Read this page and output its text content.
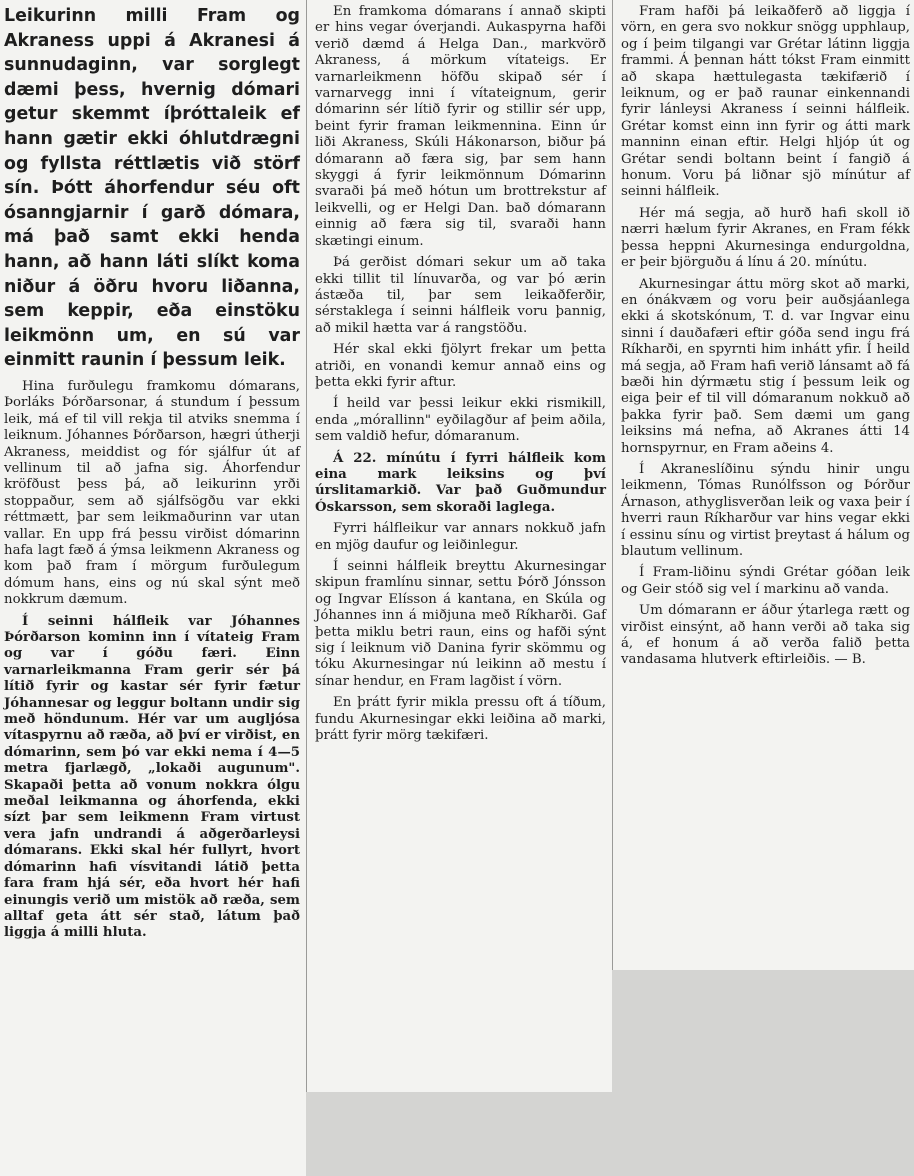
Leikurinn milli Fram og Akraness uppi á Akranesi á sunnudaginn, var sorglegt dæmi þess, hvernig dómari getur skemmt íþróttaleik ef hann gætir ekki óhlutdrægni og fyllsta réttlætis við störf sín. Þótt áhorfendur séu oft ósanngjarnir í garð dómara, má það samt ekki henda hann, að hann láti slíkt koma niður á öðru hvoru liðanna, sem keppir, eða einstöku leikmönn um, en sú var einmitt raunin í þessum leik.

Hina furðulegu framkomu dómarans, Þorláks Þórðarsonar, á stundum í þessum leik, má ef til vill rekja til atviks snemma í leiknum. Jóhannes Þórðarson, hægri útherji Akraness, meiddist og fór sjálfur út af vellinum til að jafna sig. Áhorfendur kröfðust þess þá, að leikurinn yrði stoppaður, sem að sjálfsögðu var ekki réttmætt, þar sem leikmaðurinn var utan vallar. En upp frá þessu virðist dómarinn hafa lagt fæð á ýmsa leikmenn Akraness og kom það fram í mörgum furðulegum dómum hans, eins og nú skal sýnt með nokkrum dæmum.

Í seinni hálfleik var Jóhannes Þórðarson kominn inn í vítateig Fram og var í góðu færi. Einn varnarleikmanna Fram gerir sér þá lítið fyrir og kastar sér fyrir fætur Jóhannesar og leggur boltann undir sig með höndunum. Hér var um augljósa vítaspyrnu að ræða, að því er virðist, en dómarinn, sem þó var ekki nema í 4—5 metra fjarlægð, „lokaði augunum". Skapaði þetta að vonum nokkra ólgu meðal leikmanna og áhorfenda, ekki sízt þar sem leikmenn Fram virtust vera jafn undrandi á aðgerðarleysi dómarans. Ekki skal hér fullyrt, hvort dómarinn hafi vísvitandi látið þetta fara fram hjá sér, eða hvort hér hafi einungis verið um mistök að ræða, sem alltaf geta átt sér stað, látum það liggja á milli hluta.

En framkoma dómarans í annað skipti er hins vegar óverjandi. Aukaspyrna hafði verið dæmd á Helga Dan., markvörð Akraness, á mörkum vítateigs. Er varnarleikmenn höfðu skipað sér í varnarvegg inni í vítateignum, gerir dómarinn sér lítið fyrir og stillir sér upp, beint fyrir framan leikmennina. Einn úr liði Akraness, Skúli Hákonarson, biður þá dómarann að færa sig, þar sem hann skyggi á fyrir leikmönnum Dómarinn svaraði þá með hótun um brottrekstur af leikvelli, og er Helgi Dan. bað dómarann einnig að færa sig til, svaraði hann skætingi einum.

Þá gerðist dómari sekur um að taka ekki tillit til línuvarða, og var þó ærin ástæða til, þar sem leikaðferðir, sérstaklega í seinni hálfleik voru þannig, að mikil hætta var á rangstöðu.

Hér skal ekki fjölyrt frekar um þetta atriði, en vonandi kemur annað eins og þetta ekki fyrir aftur.

Í heild var þessi leikur ekki rismikill, enda „mórallinn" eyðilagður af þeim aðila, sem valdið hefur, dómaranum.

Á 22. mínútu í fyrri hálfleik kom eina mark leiksins og því úrslitamarkið. Var það Guðmundur Óskarsson, sem skoraði laglega.

Fyrri hálfleikur var annars nokkuð jafn en mjög daufur og leiðinlegur.

Í seinni hálfleik breyttu Akurnesingar skipun framlínu sinnar, settu Þórð Jónsson og Ingvar Elísson á kantana, en Skúla og Jóhannes inn á miðjuna með Ríkharði. Gaf þetta miklu betri raun, eins og hafði sýnt sig í leiknum við Danina fyrir skömmu og tóku Akurnesingar nú leikinn að mestu í sínar hendur, en Fram lagðist í vörn.

En þrátt fyrir mikla pressu oft á tíðum, fundu Akurnesingar ekki leiðina að marki, þrátt fyrir mörg tækifæri.

Fram hafði þá leikaðferð að liggja í vörn, en gera svo nokkur snögg upphlaup, og í þeim tilgangi var Grétar látinn liggja frammi. Á þennan hátt tókst Fram einmitt að skapa hættulegasta tækifærið í leiknum, og er það raunar einkennandi fyrir lánleysi Akraness í seinni hálfleik. Grétar komst einn inn fyrir og átti mark manninn einan eftir. Helgi hljóp út og Grétar sendi boltann beint í fangið á honum. Voru þá liðnar sjö mínútur af seinni hálfleik.

Hér má segja, að hurð hafi skoll ið nærri hælum fyrir Akranes, en Fram fékk þessa heppni Akurnesinga endurgoldna, er þeir björguðu á línu á 20. mínútu.

Akurnesingar áttu mörg skot að marki, en ónákvæm og voru þeir auðsjáanlega ekki á skotskónum, T. d. var Ingvar einu sinni í dauðafæri eftir góða send ingu frá Ríkharði, en spyrnti him inhátt yfir. Í heild má segja, að Fram hafi verið lánsamt að fá bæði hin dýrmætu stig í þessum leik og eiga þeir ef til vill dómaranum nokkuð að þakka fyrir það. Sem dæmi um gang leiksins má nefna, að Akranes átti 14 hornspyrnur, en Fram aðeins 4.

Í Akraneslíðinu sýndu hinir ungu leikmenn, Tómas Runólfsson og Þórður Árnason, athyglisverðan leik og vaxa þeir í hverri raun Ríkharður var hins vegar ekki í essinu sínu og virtist þreytast á hálum og blautum vellinum.

Í Fram-liðinu sýndi Grétar góðan leik og Geir stóð sig vel í markinu að vanda.

Um dómarann er áður ýtarlega rætt og virðist einsýnt, að hann verði að taka sig á, ef honum á að verða falið þetta vandasama hlutverk eftirleiðis. — B.
